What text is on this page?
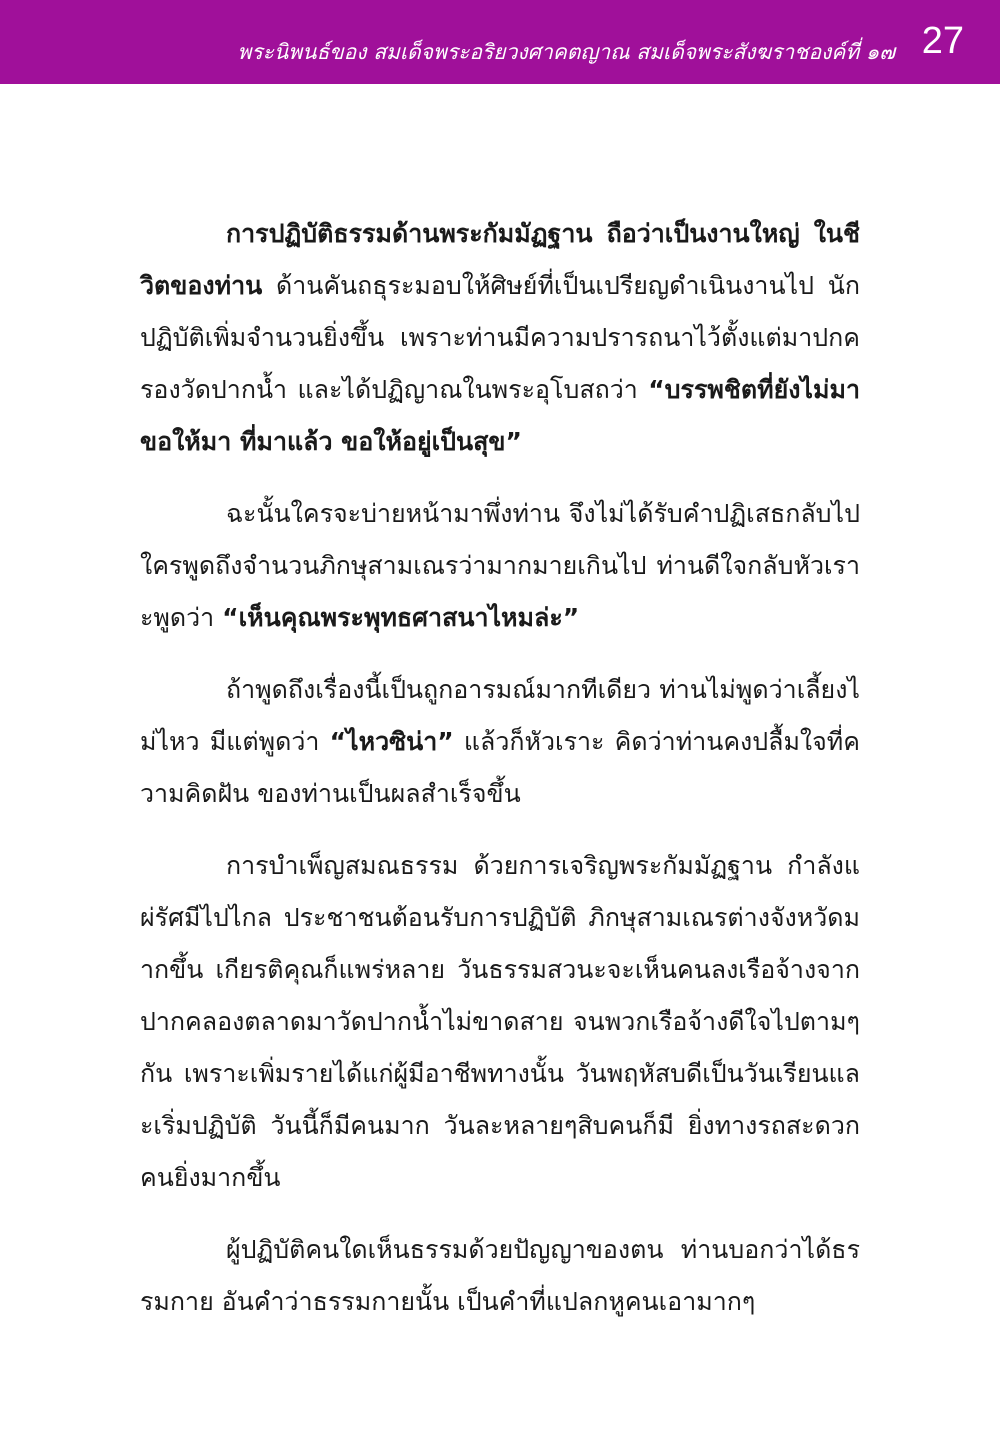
พระนิพนธ์ของ สมเด็จพระอริยวงศาคตญาณ สมเด็จพระสังฆราชองค์ที่ ๑๗ 27

การปฏิบัติธรรมด้านพระกัมมัฏฐาน ถือว่าเป็นงานใหญ่ ในชีวิตของท่าน ด้านคันถธุระมอบให้ศิษย์ที่เป็นเปรียญดำเนินงานไป นักปฏิบัติเพิ่มจำนวนยิ่งขึ้น เพราะท่านมีความปรารถนาไว้ตั้งแต่มาปกครองวัดปากน้ำ และได้ปฏิญาณในพระอุโบสถว่า “บรรพชิตที่ยังไม่มา ขอให้มา ที่มาแล้ว ขอให้อยู่เป็นสุข”

ฉะนั้นใครจะบ่ายหน้ามาพึ่งท่าน จึงไม่ได้รับคำปฏิเสธกลับไป ใครพูดถึงจำนวนภิกษุสามเณรว่ามากมายเกินไป ท่านดีใจกลับหัวเราะพูดว่า “เห็นคุณพระพุทธศาสนาไหมล่ะ”

ถ้าพูดถึงเรื่องนี้เป็นถูกอารมณ์มากทีเดียว ท่านไม่พูดว่าเลี้ยงไม่ไหว มีแต่พูดว่า “ไหวซิน่า” แล้วก็หัวเราะ คิดว่าท่านคงปลื้มใจที่ความคิดฝัน ของท่านเป็นผลสำเร็จขึ้น

การบำเพ็ญสมณธรรม ด้วยการเจริญพระกัมมัฏฐาน กำลังแผ่รัศมีไปไกล ประชาชนต้อนรับการปฏิบัติ ภิกษุสามเณรต่างจังหวัดมากขึ้น เกียรติคุณก็แพร่หลาย วันธรรมสวนะจะเห็นคนลงเรือจ้างจากปากคลองตลาดมาวัดปากน้ำไม่ขาดสาย จนพวกเรือจ้างดีใจไปตามๆกัน เพราะเพิ่มรายได้แก่ผู้มีอาชีพทางนั้น วันพฤหัสบดีเป็นวันเรียนและเริ่มปฏิบัติ วันนี้ก็มีคนมาก วันละหลายๆสิบคนก็มี ยิ่งทางรถสะดวก คนยิ่งมากขึ้น

ผู้ปฏิบัติคนใดเห็นธรรมด้วยปัญญาของตน ท่านบอกว่าได้ธรรมกาย อันคำว่าธรรมกายนั้น เป็นคำที่แปลกหูคนเอามากๆ
